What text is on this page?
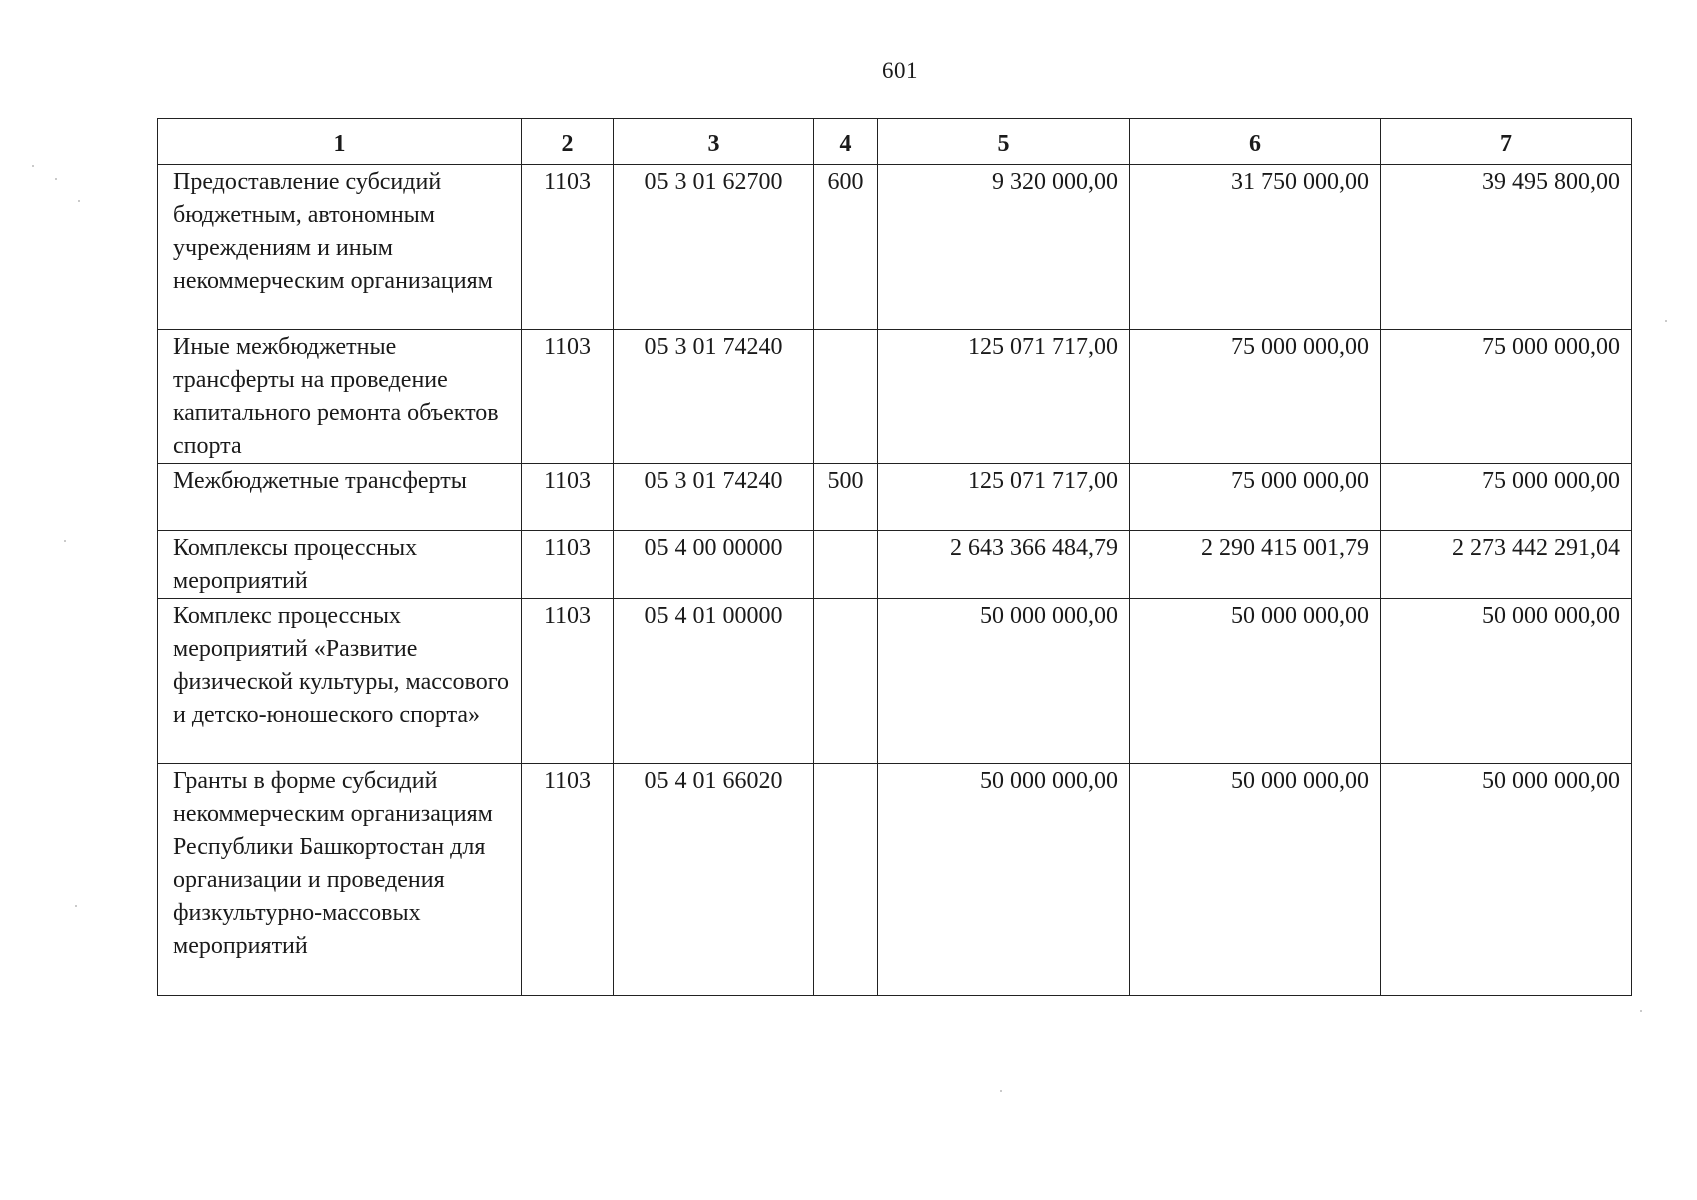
601
1	2	3	4	5	6	7
Предоставление субсидий бюджетным, автономным учреждениям и иным некоммерческим организациям	1103	05 3 01 62700	600	9 320 000,00	31 750 000,00	39 495 800,00
Иные межбюджетные трансферты на проведение капитального ремонта объектов спорта	1103	05 3 01 74240		125 071 717,00	75 000 000,00	75 000 000,00
Межбюджетные трансферты	1103	05 3 01 74240	500	125 071 717,00	75 000 000,00	75 000 000,00
Комплексы процессных мероприятий	1103	05 4 00 00000		2 643 366 484,79	2 290 415 001,79	2 273 442 291,04
Комплекс процессных мероприятий «Развитие физической культуры, массового и детско-юношеского спорта»	1103	05 4 01 00000		50 000 000,00	50 000 000,00	50 000 000,00
Гранты в форме субсидий некоммерческим организациям Республики Башкортостан для организации и проведения физкультурно-массовых мероприятий	1103	05 4 01 66020		50 000 000,00	50 000 000,00	50 000 000,00
